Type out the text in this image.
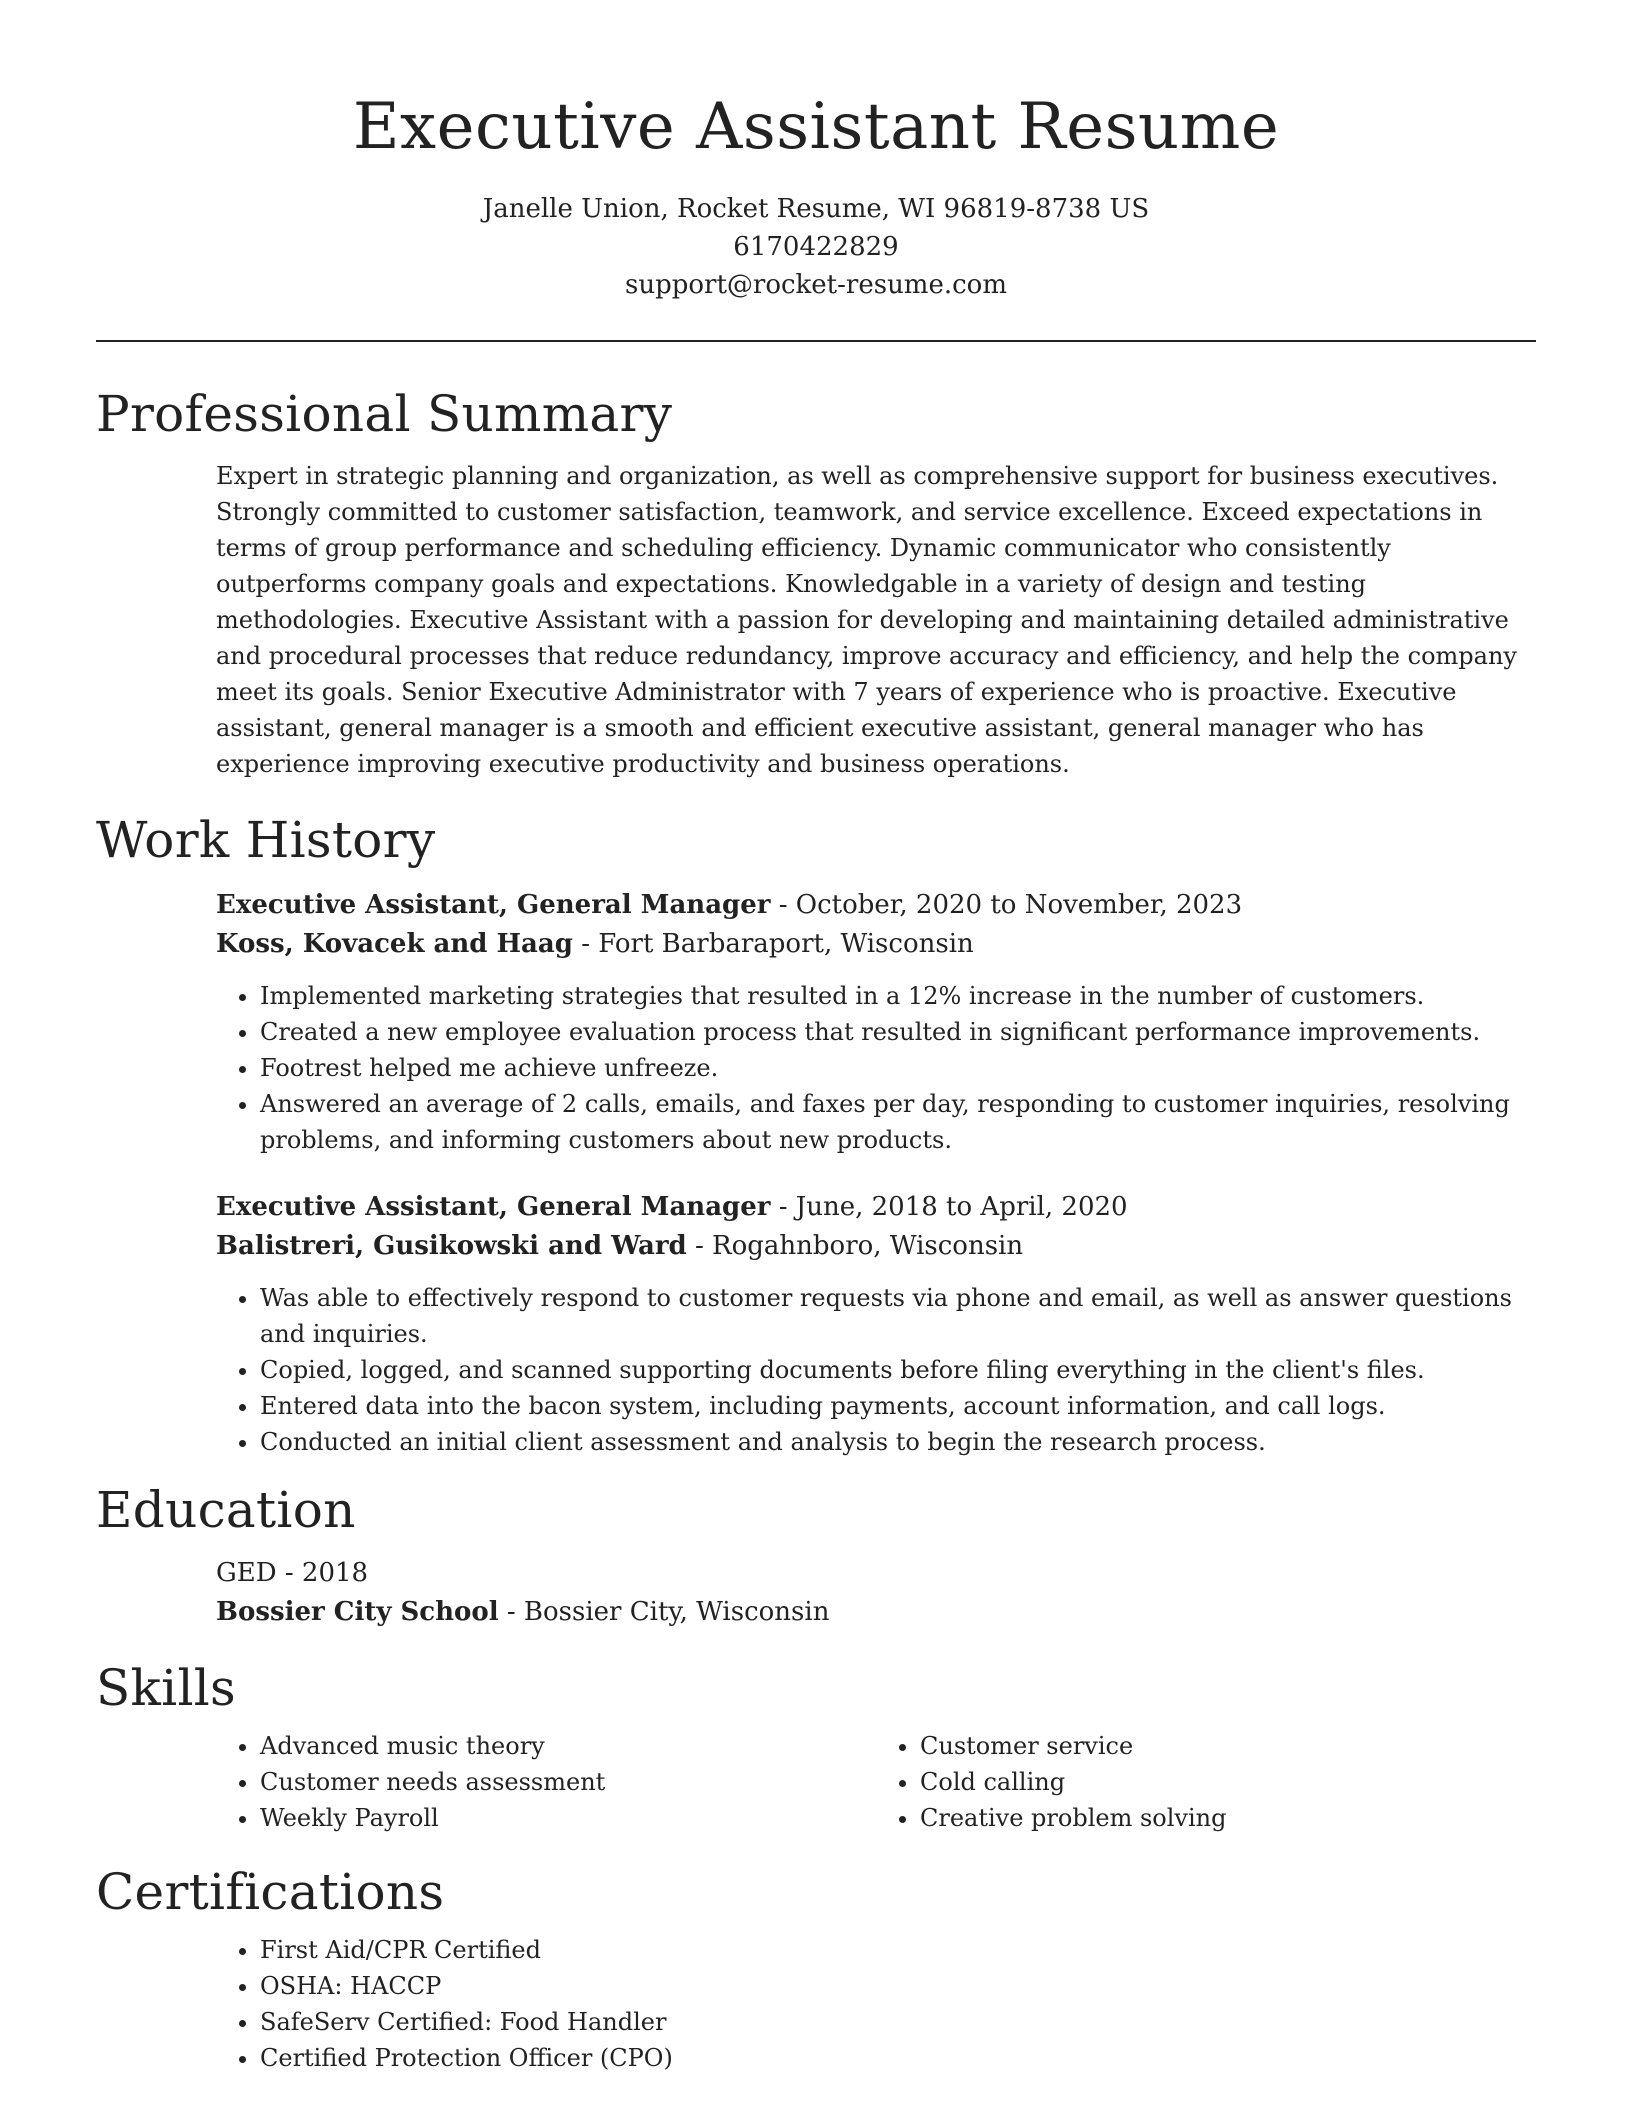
Executive Assistant Resume
Janelle Union, Rocket Resume, WI 96819-8738 US
6170422829
support@rocket-resume.com
Professional Summary

Expert in strategic planning and organization, as well as comprehensive support for business executives. Strongly committed to customer satisfaction, teamwork, and service excellence. Exceed expectations in terms of group performance and scheduling efficiency. Dynamic communicator who consistently outperforms company goals and expectations. Knowledgable in a variety of design and testing methodologies. Executive Assistant with a passion for developing and maintaining detailed administrative and procedural processes that reduce redundancy, improve accuracy and efficiency, and help the company meet its goals. Senior Executive Administrator with 7 years of experience who is proactive. Executive assistant, general manager is a smooth and efficient executive assistant, general manager who has experience improving executive productivity and business operations.

Work History
Executive Assistant, General Manager - October, 2020 to November, 2023
Koss, Kovacek and Haag - Fort Barbaraport, Wisconsin
• Implemented marketing strategies that resulted in a 12% increase in the number of customers.
• Created a new employee evaluation process that resulted in significant performance improvements.
• Footrest helped me achieve unfreeze.
• Answered an average of 2 calls, emails, and faxes per day, responding to customer inquiries, resolving problems, and informing customers about new products.
Executive Assistant, General Manager - June, 2018 to April, 2020
Balistreri, Gusikowski and Ward - Rogahnboro, Wisconsin
• Was able to effectively respond to customer requests via phone and email, as well as answer questions and inquiries.
• Copied, logged, and scanned supporting documents before filing everything in the client's files.
• Entered data into the bacon system, including payments, account information, and call logs.
• Conducted an initial client assessment and analysis to begin the research process.
Education
GED - 2018
Bossier City School - Bossier City, Wisconsin
Skills
• Advanced music theory
• Customer needs assessment
• Weekly Payroll
• Customer service
• Cold calling
• Creative problem solving
Certifications
• First Aid/CPR Certified
• OSHA: HACCP
• SafeServ Certified: Food Handler
• Certified Protection Officer (CPO)
